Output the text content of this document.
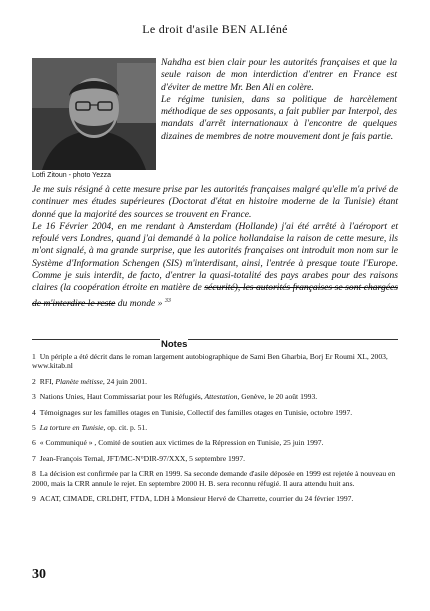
Le droit d'asile BEN ALIéné
Lotfi Zitoun - photo Yezza

Nahdha est bien clair pour les autorités françaises et que la seule raison de mon interdiction d'entrer en France est d'éviter de mettre Mr. Ben Ali en colère.

Le régime tunisien, dans sa politique de harcèlement méthodique de ses opposants, a fait publier par Interpol, des mandats d'arrêt internationaux à l'encontre de quelques dizaines de membres de notre mouvement dont je fais partie.

Je me suis résigné à cette mesure prise par les autorités françaises malgré qu'elle m'a privé de continuer mes études supérieures (Doctorat d'état en histoire moderne de la Tunisie) étant donné que la majorité des sources se trouvent en France.

Le 16 Février 2004, en me rendant à Amsterdam (Hollande) j'ai été arrêté à l'aéroport et refoulé vers Londres, quand j'ai demandé à la police hollandaise la raison de cette mesure, ils m'ont signalé, à ma grande surprise, que les autorités françaises ont introduit mon nom sur le Système d'Information Schengen (SIS) m'interdisant, ainsi, l'entrée à presque toute l'Europe. Comme je suis interdit, de facto, d'entrer la quasi-totalité des pays arabes pour des raisons claires (la coopération étroite en matière de sécurité), les autorités françaises se sont chargées de m'interdire le reste du monde » $^{33}$

Notes

1 Un périple a été décrit dans le roman largement autobiographique de Sami Ben Gharbia, Borj Er Roumi XL, 2003, www.kitab.nl

2 RFI, Planète métisse, 24 juin 2001.

3 Nations Unies, Haut Commissariat pour les Réfugiés, Attestation, Genève, le 20 août 1993.

4 Témoignages sur les familles otages en Tunisie, Collectif des familles otages en Tunisie, octobre 1997.

5 La torture en Tunisie, op. cit. p. 51.

6 « Communiqué » , Comité de soutien aux victimes de la Répression en Tunisie, 25 juin 1997.

7 Jean-François Ternal, JFT/MC-N°DIR-97/XXX, 5 septembre 1997.

8 La décision est confirmée par la CRR en 1999. Sa seconde demande d'asile déposée en 1999 est rejetée à nouveau en 2000, mais la CRR annule le rejet. En septembre 2000 H. B. sera reconnu réfugié. Il aura attendu huit ans.

9 ACAT, CIMADE, CRLDHT, FTDA, LDH à Monsieur Hervé de Charrette, courrier du 24 février 1997.

30
